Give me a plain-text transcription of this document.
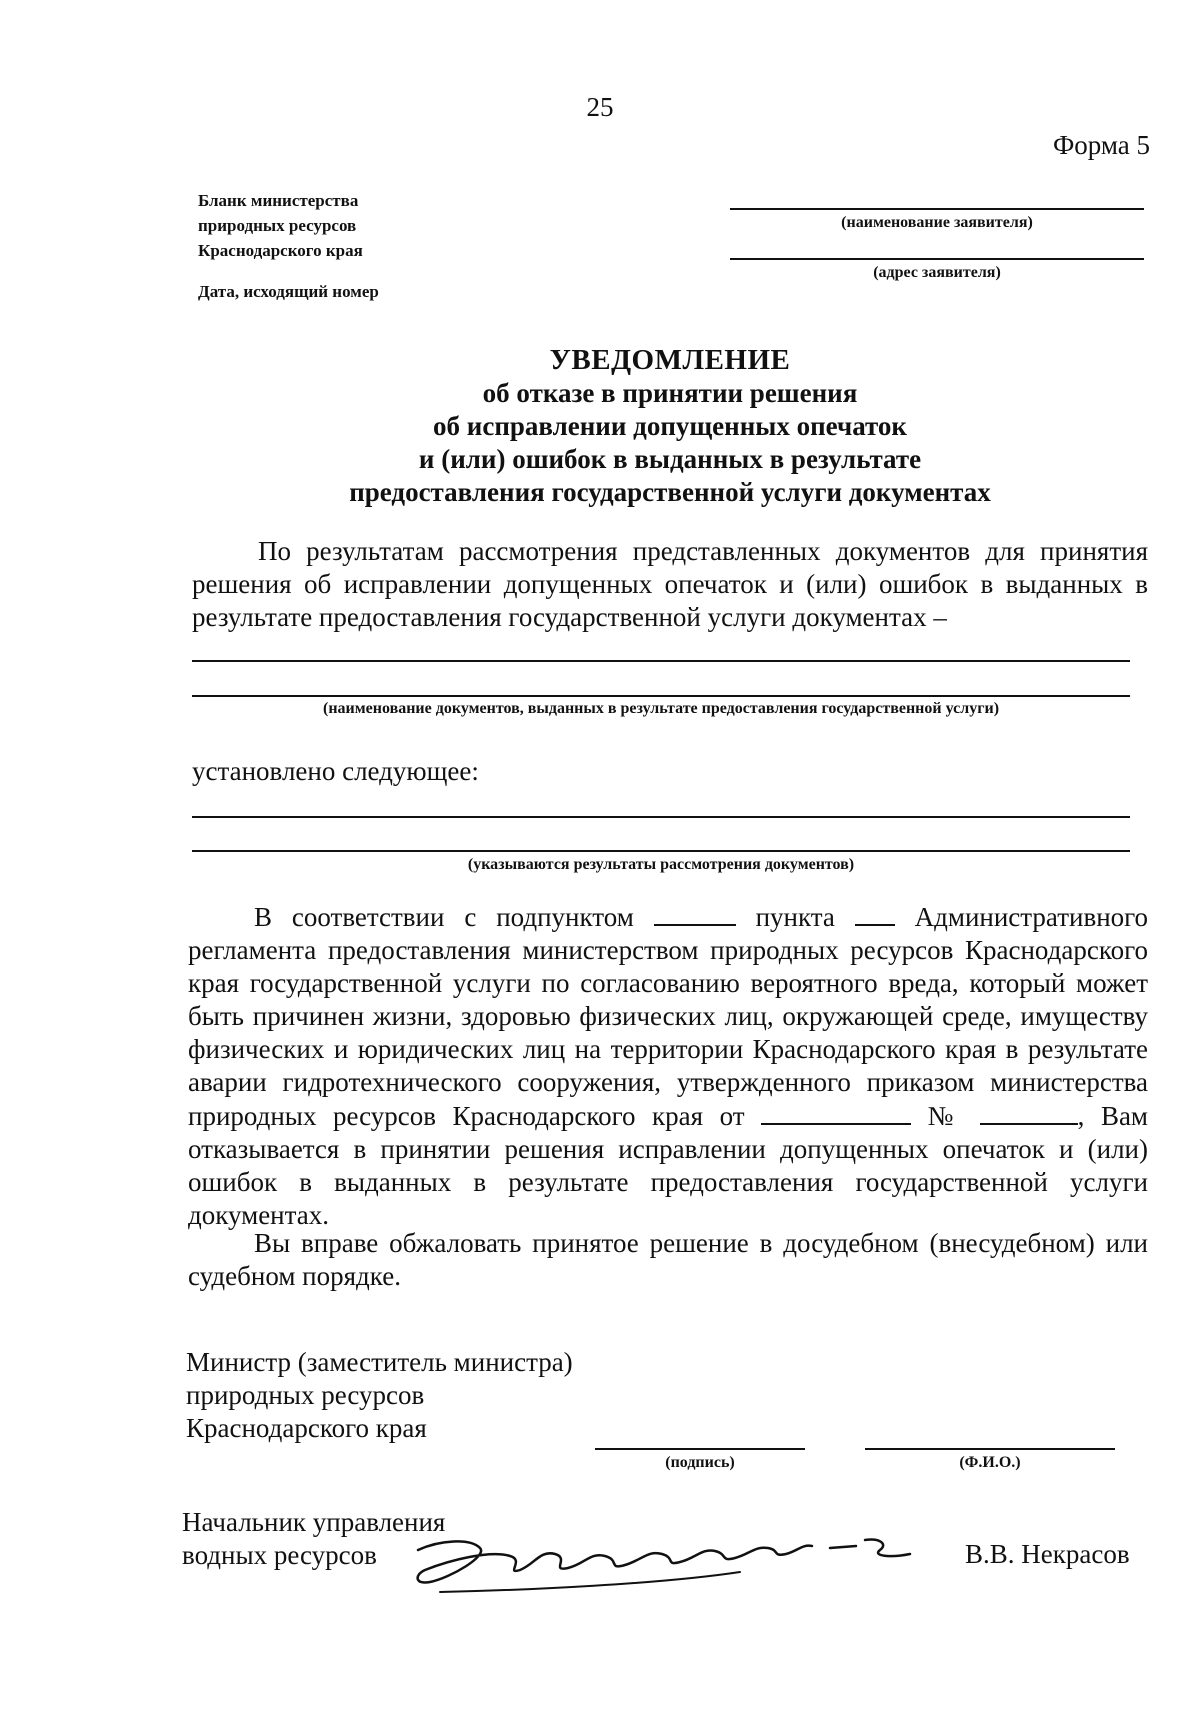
25
Форма 5
Бланк министерства
природных ресурсов
Краснодарского края
Дата, исходящий номер
(наименование заявителя)
(адрес заявителя)
УВЕДОМЛЕНИЕ
об отказе в принятии решения
об исправлении допущенных опечаток
и (или) ошибок в выданных в результате
предоставления государственной услуги документах
По результатам рассмотрения представленных документов для принятия решения об исправлении допущенных опечаток и (или) ошибок в выданных в результате предоставления государственной услуги документах –
(наименование документов, выданных в результате предоставления государственной услуги)
установлено следующее:
(указываются результаты рассмотрения документов)
В соответствии с подпунктом	пункта	Административного регламента предоставления министерством природных ресурсов Краснодарского края государственной услуги по согласованию вероятного вреда, который может быть причинен жизни, здоровью физических лиц, окружающей среде, имуществу физических и юридических лиц на территории Краснодарского края в результате аварии гидротехнического сооружения, утвержденного приказом министерства природных ресурсов Краснодарского края от	№	, Вам отказывается в принятии решения исправлении допущенных опечаток и (или) ошибок в выданных в результате предоставления государственной услуги документах.
Вы вправе обжаловать принятое решение в досудебном (внесудебном) или судебном порядке.
Министр (заместитель министра)
природных ресурсов
Краснодарского края
(подпись)	(Ф.И.О.)
Начальник управления
водных ресурсов	В.В. Некрасов
